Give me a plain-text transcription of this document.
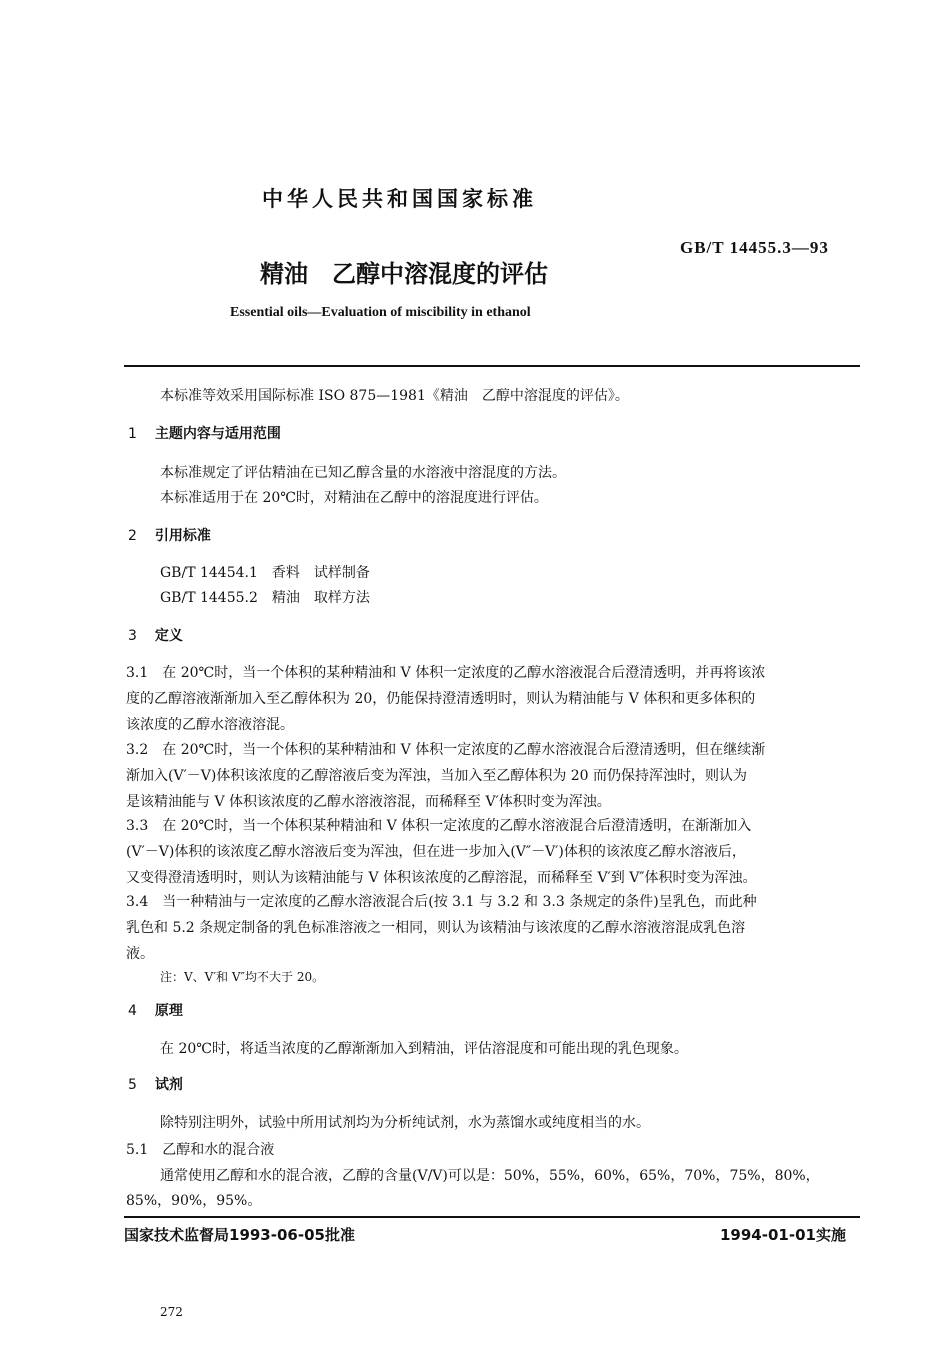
中华人民共和国国家标准
精油　乙醇中溶混度的评估
GB/T 14455.3—93
Essential oils—Evaluation of miscibility in ethanol
本标准等效采用国际标准 ISO 875—1981《精油　乙醇中溶混度的评估》。
1 主题内容与适用范围
本标准规定了评估精油在已知乙醇含量的水溶液中溶混度的方法。
本标准适用于在 20℃时，对精油在乙醇中的溶混度进行评估。
2 引用标准
GB/T 14454.1　香料　试样制备
GB/T 14455.2　精油　取样方法
3 定义
3.1　在 20℃时，当一个体积的某种精油和 V 体积一定浓度的乙醇水溶液混合后澄清透明，并再将该浓
度的乙醇溶液渐渐加入至乙醇体积为 20，仍能保持澄清透明时，则认为精油能与 V 体积和更多体积的
该浓度的乙醇水溶液溶混。
3.2　在 20℃时，当一个体积的某种精油和 V 体积一定浓度的乙醇水溶液混合后澄清透明，但在继续渐
渐加入(V′－V)体积该浓度的乙醇溶液后变为浑浊，当加入至乙醇体积为 20 而仍保持浑浊时，则认为
是该精油能与 V 体积该浓度的乙醇水溶液溶混，而稀释至 V′体积时变为浑浊。
3.3　在 20℃时，当一个体积某种精油和 V 体积一定浓度的乙醇水溶液混合后澄清透明，在渐渐加入
(V′－V)体积的该浓度乙醇水溶液后变为浑浊，但在进一步加入(V″－V′)体积的该浓度乙醇水溶液后，
又变得澄清透明时，则认为该精油能与 V 体积该浓度的乙醇溶混，而稀释至 V′到 V″体积时变为浑浊。
3.4　当一种精油与一定浓度的乙醇水溶液混合后(按 3.1 与 3.2 和 3.3 条规定的条件)呈乳色，而此种
乳色和 5.2 条规定制备的乳色标准溶液之一相同，则认为该精油与该浓度的乙醇水溶液溶混成乳色溶
液。
注：V、V′和 V″均不大于 20。
4 原理
在 20℃时，将适当浓度的乙醇渐渐加入到精油，评估溶混度和可能出现的乳色现象。
5 试剂
除特别注明外，试验中所用试剂均为分析纯试剂，水为蒸馏水或纯度相当的水。
5.1 乙醇和水的混合液
通常使用乙醇和水的混合液，乙醇的含量(V/V)可以是：50%，55%，60%，65%，70%，75%，80%，
85%，90%，95%。
国家技术监督局1993-06-05批准	1994-01-01实施
272
